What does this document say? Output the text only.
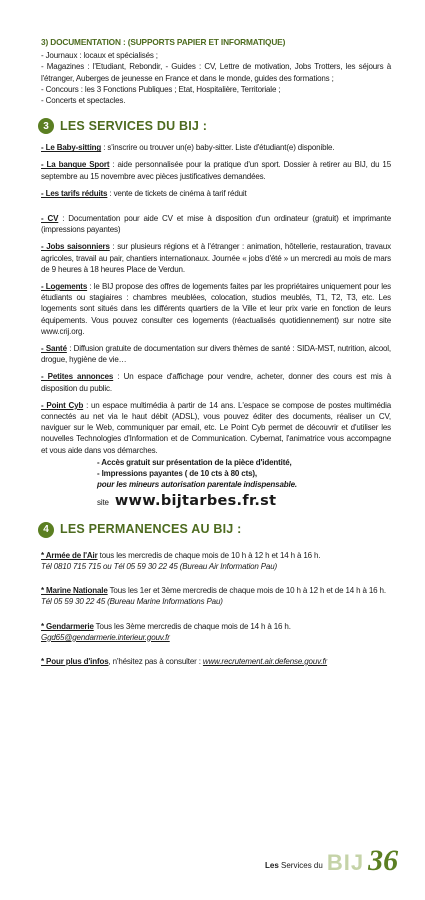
3) DOCUMENTATION : (SUPPORTS PAPIER ET INFORMATIQUE)

- Journaux : locaux et spécialisés ;

- Magazines : l'Etudiant, Rebondir, - Guides : CV, Lettre de motivation, Jobs Trotters, les séjours à l'étranger, Auberges de jeunesse en France et dans le monde, guides des formations ;

- Concours : les 3 Fonctions Publiques ; Etat, Hospitalière, Territoriale ;

- Concerts et spectacles.

3 LES SERVICES DU BIJ :

- Le Baby-sitting : s'inscrire ou trouver un(e) baby-sitter. Liste d'étudiant(e) disponible.

- La banque Sport : aide personnalisée pour la pratique d'un sport. Dossier à retirer au BIJ, du 15 septembre au 15 novembre avec pièces justificatives demandées.

- Les tarifs réduits : vente de tickets de cinéma à tarif réduit

- CV : Documentation pour aide CV et mise à disposition d'un ordinateur (gratuit) et imprimante (impressions payantes)

- Jobs saisonniers : sur plusieurs régions et à l'étranger : animation, hôtellerie, restauration, travaux agricoles, travail au pair, chantiers internationaux. Journée « jobs d'été » un mercredi au mois de mars de 9 heures à 18 heures Place de Verdun.

- Logements : le BIJ propose des offres de logements faites par les propriétaires uniquement pour les étudiants ou stagiaires : chambres meublées, colocation, studios meublés, T1, T2, T3, etc. Les logements sont situés dans les différents quartiers de la Ville et leur prix varie en fonction de leurs équipements. Vous pouvez consulter ces logements (réactualisés quotidiennement) sur notre site www.crij.org.

- Santé : Diffusion gratuite de documentation sur divers thèmes de santé : SIDA-MST, nutrition, alcool, drogue, hygiène de vie…

- Petites annonces : Un espace d'affichage pour vendre, acheter, donner des cours est mis à disposition du public.

- Point Cyb : un espace multimédia à partir de 14 ans. L'espace se compose de postes multimédia connectés au net via le haut débit (ADSL), vous pouvez éditer des documents, réaliser un CV, naviguer sur le Web, communiquer par email, etc. Le Point Cyb permet de découvrir et d'utiliser les nouvelles Technologies d'Information et de Communication. Cybernat, l'animatrice vous accompagne et vous aide dans vos démarches.

- Accès gratuit sur présentation de la pièce d'identité,
- Impressions payantes ( de 10 cts à 80 cts),
pour les mineurs autorisation parentale indispensable.
site www.bijtarbes.fr.st
4 LES PERMANENCES AU BIJ :

* Armée de l'Air tous les mercredis de chaque mois de 10 h à 12 h et 14 h à 16 h.
Tél 0810 715 715 ou Tél 05 59 30 22 45 (Bureau Air Information Pau)

* Marine Nationale Tous les 1er et 3ème mercredis de chaque mois de 10 h à 12 h et de 14 h à 16 h. Tél 05 59 30 22 45 (Bureau Marine Informations Pau)

* Gendarmerie Tous les 3ème mercredis de chaque mois de 14 h à 16 h.
Ggd65@gendarmerie.interieur.gouv.fr

* Pour plus d'infos, n'hésitez pas à consulter : www.recrutement.air.defense.gouv.fr

Les Services du BIJ 36
